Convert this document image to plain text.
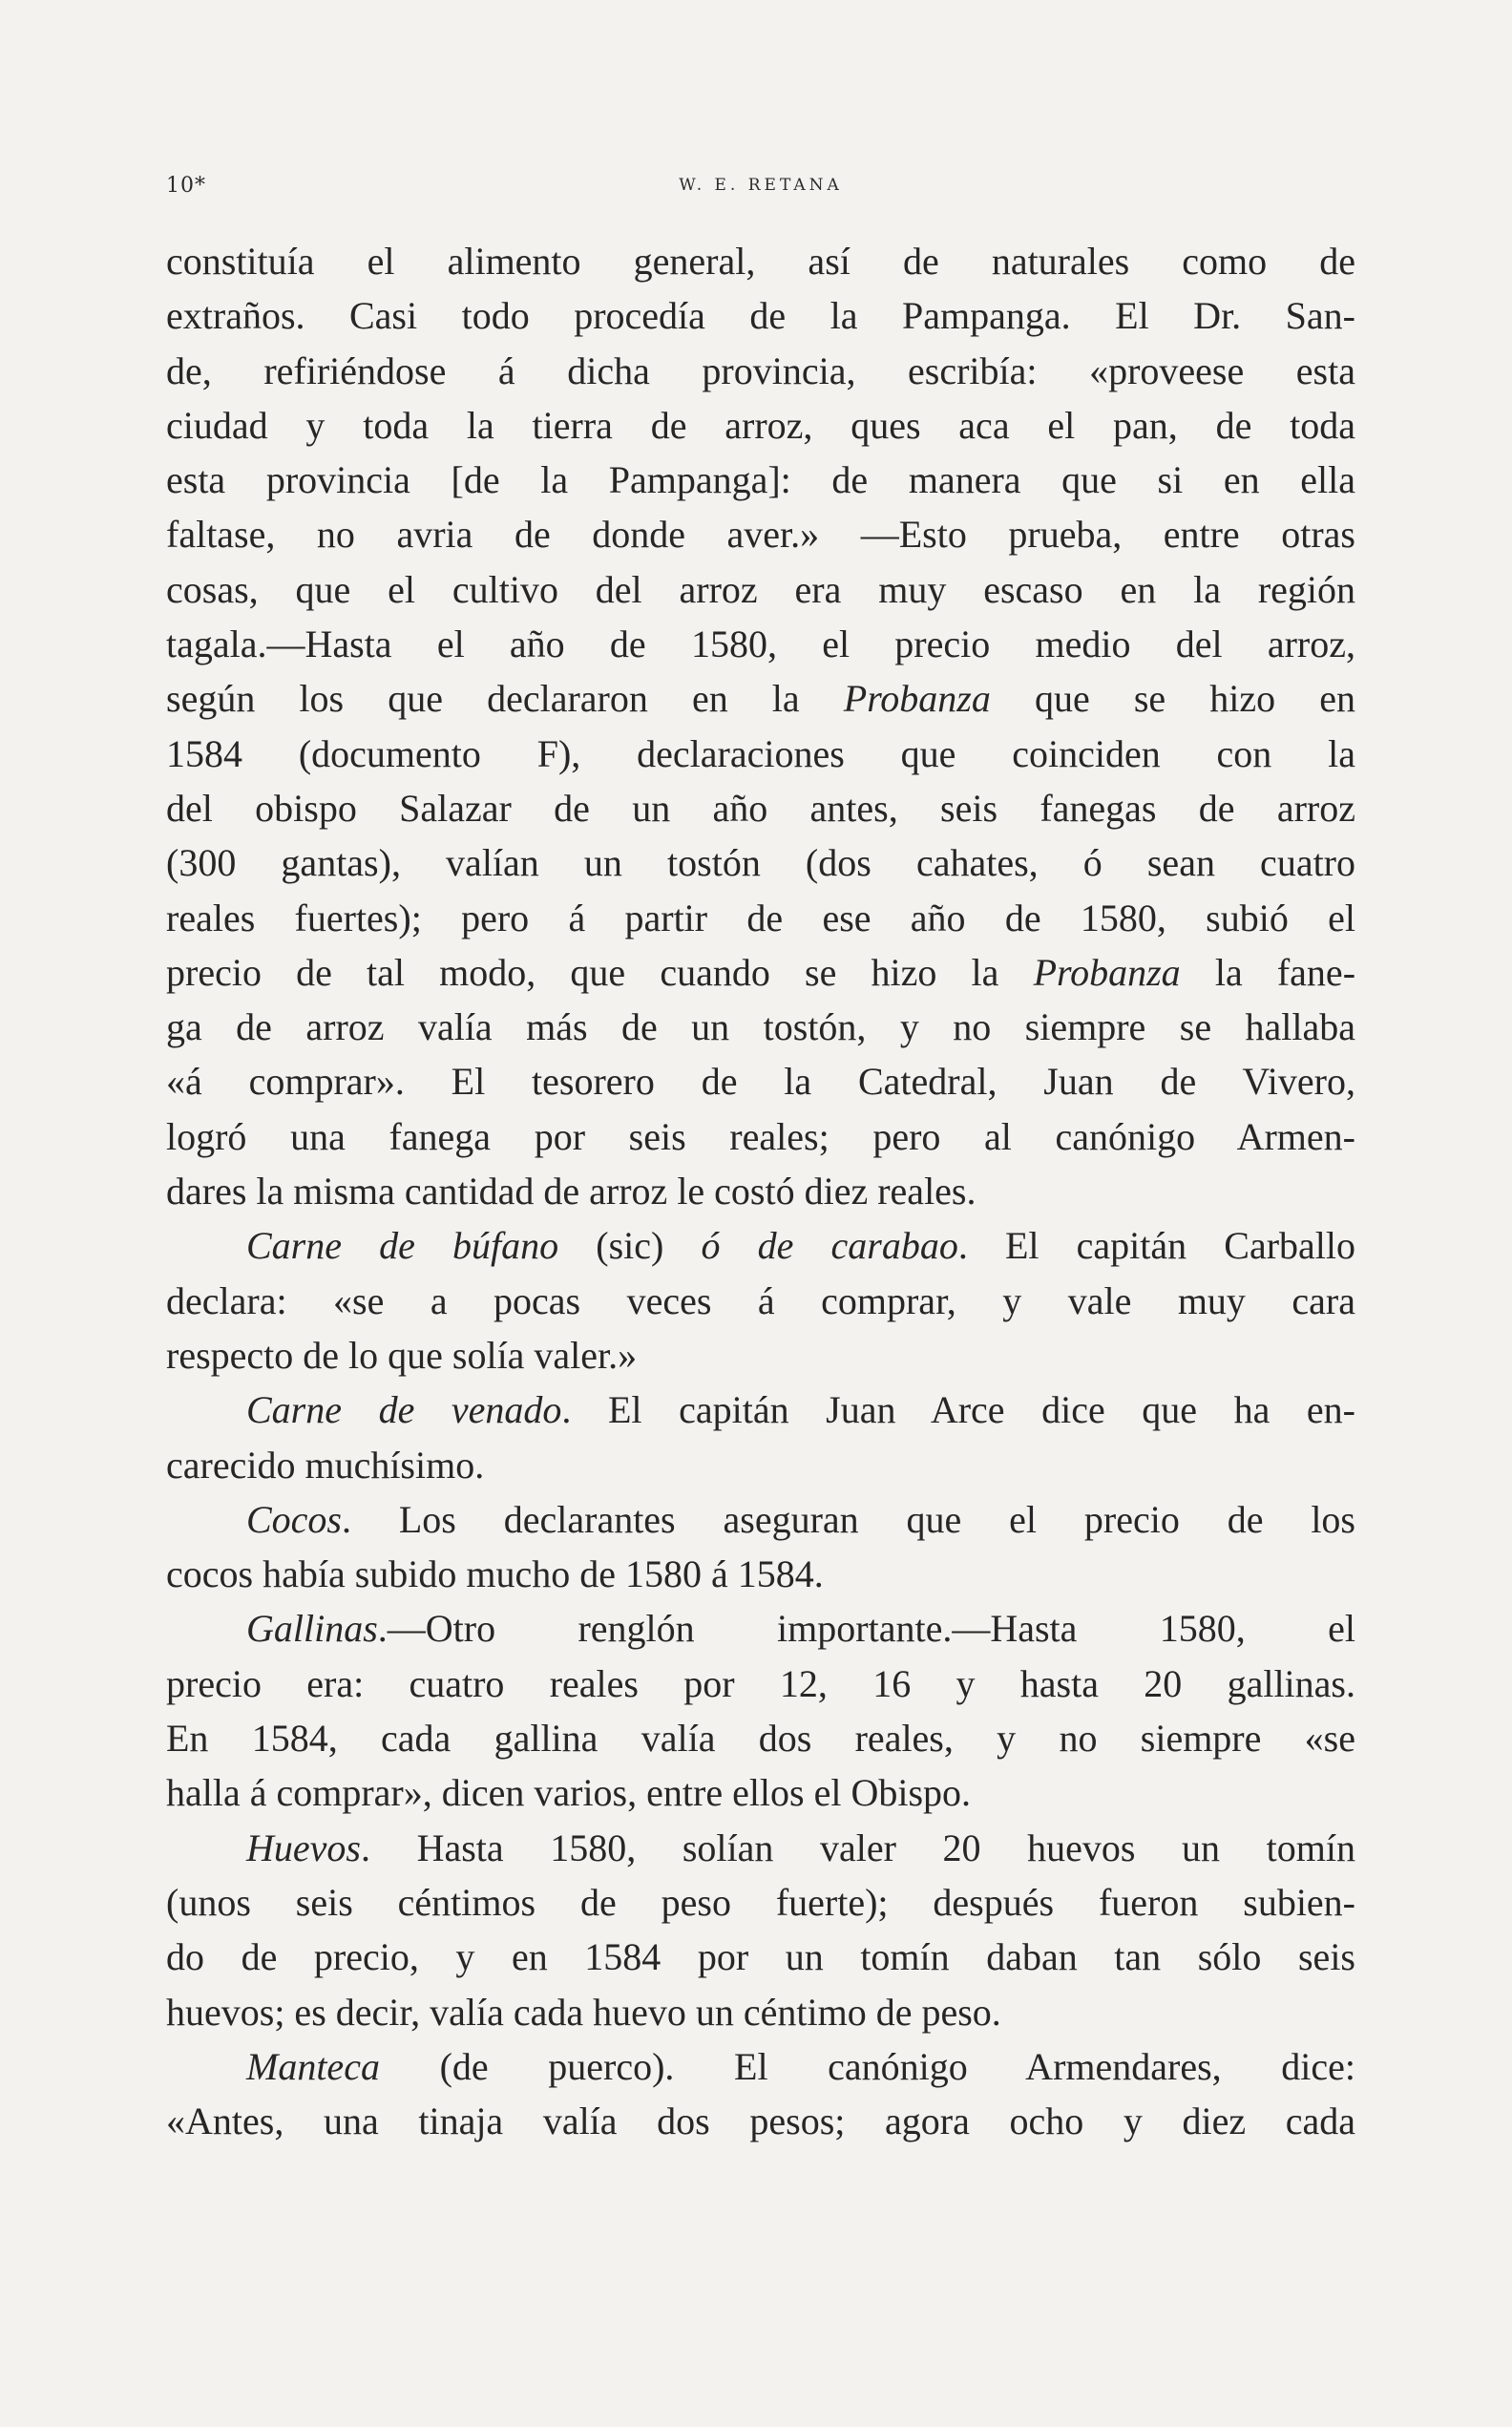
10*	W. E. RETANA

constituía el alimento general, así de naturales como de
extraños. Casi todo procedía de la Pampanga. El Dr. San-
de, refiriéndose á dicha provincia, escribía: «proveese esta
ciudad y toda la tierra de arroz, ques aca el pan, de toda
esta provincia [de la Pampanga]: de manera que si en ella
faltase, no avria de donde aver.» —Esto prueba, entre otras
cosas, que el cultivo del arroz era muy escaso en la región
tagala.—Hasta el año de 1580, el precio medio del arroz,
según los que declararon en la Probanza que se hizo en
1584 (documento F), declaraciones que coinciden con la
del obispo Salazar de un año antes, seis fanegas de arroz
(300 gantas), valían un tostón (dos cahates, ó sean cuatro
reales fuertes); pero á partir de ese año de 1580, subió el
precio de tal modo, que cuando se hizo la Probanza la fane-
ga de arroz valía más de un tostón, y no siempre se hallaba
«á comprar». El tesorero de la Catedral, Juan de Vivero,
logró una fanega por seis reales; pero al canónigo Armen-
dares la misma cantidad de arroz le costó diez reales.

Carne de búfano (sic) ó de carabao. El capitán Carballo
declara: «se a pocas veces á comprar, y vale muy cara
respecto de lo que solía valer.»

Carne de venado. El capitán Juan Arce dice que ha en-
carecido muchísimo.

Cocos. Los declarantes aseguran que el precio de los
cocos había subido mucho de 1580 á 1584.

Gallinas.—Otro renglón importante.—Hasta 1580, el
precio era: cuatro reales por 12, 16 y hasta 20 gallinas.
En 1584, cada gallina valía dos reales, y no siempre «se
halla á comprar», dicen varios, entre ellos el Obispo.

Huevos. Hasta 1580, solían valer 20 huevos un tomín
(unos seis céntimos de peso fuerte); después fueron subien-
do de precio, y en 1584 por un tomín daban tan sólo seis
huevos; es decir, valía cada huevo un céntimo de peso.

Manteca (de puerco). El canónigo Armendares, dice:
«Antes, una tinaja valía dos pesos; agora ocho y diez cada
